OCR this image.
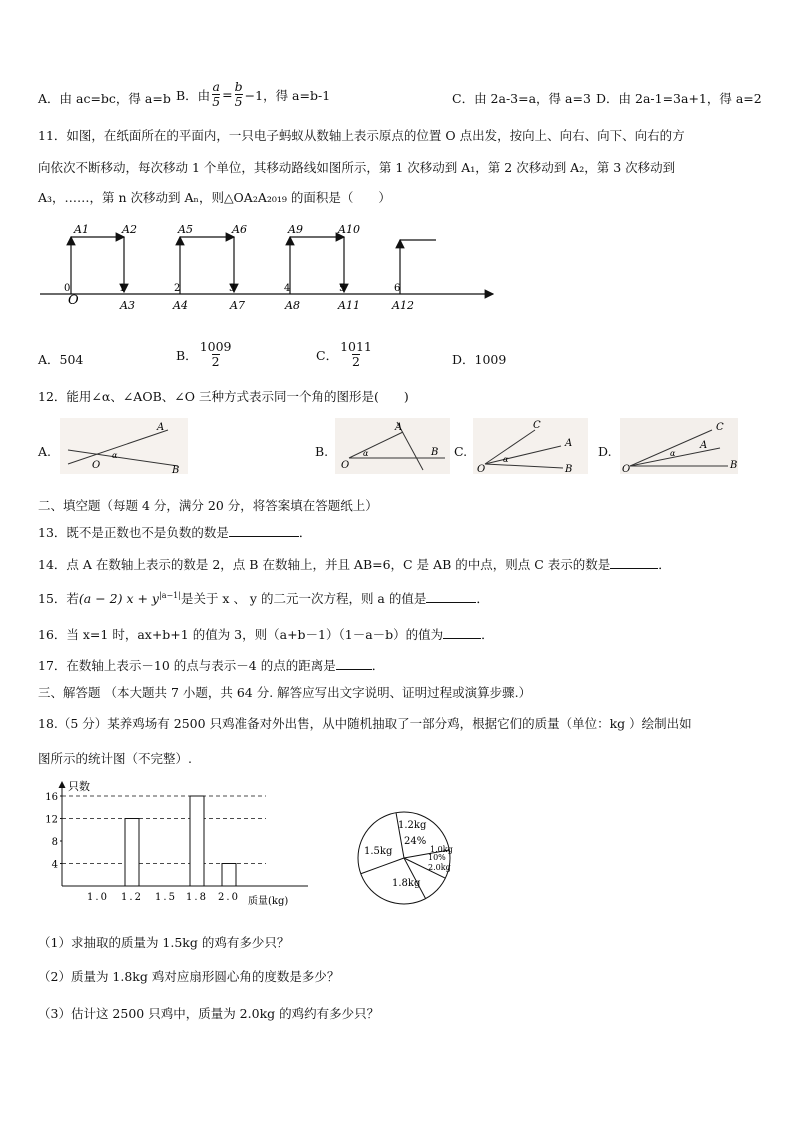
A．由 ac=bc，得 a=b B．由 $\frac{a}{5} = \frac{b}{5} -1$，得 a=b-1	C．由 2a-3=a，得 a=3 D．由 2a-1=3a+1，得 a=2
11．如图，在纸面所在的平面内，一只电子蚂蚁从数轴上表示原点的位置 O 点出发，按向上、向右、向下、向右的方
向依次不断移动，每次移动 1 个单位，其移动路线如图所示，第 1 次移动到 A₁，第 2 次移动到 A₂，第 3 次移动到
A₃，……，第 n 次移动到 Aₙ，则△OA₂A₂₀₁₉ 的面积是（　　）
A1	A2	A5	A6	A9	A10
A3	A4	A7	A8	A11	A12
O
0	1	2	3	4	5	6
A．504	B． $\frac{1009}{2}$	C． $\frac{1011}{2}$	D．1009
12．能用∠α、∠AOB、∠O 三种方式表示同一个角的图形是(　　)
A.
A
B
O
α	B.
A
B
O
α	C.
C
A
B
O
α
D.
C
A
B
O
α
二、填空题（每题 4 分，满分 20 分，将答案填在答题纸上）
13．既不是正数也不是负数的数是	．
14．点 A 在数轴上表示的数是 2，点 B 在数轴上，并且 AB=6，C 是 AB 的中点，则点 C 表示的数是	．
15．若(a − 2) $x + y^{|a-1|}$是关于 x 、 y 的二元一次方程，则 a 的值是	．
16．当 x=1 时，ax+b+1 的值为 3，则（a+b－1）（1－a－b）的值为	．
17．在数轴上表示－10 的点与表示－4 的点的距离是	．
三、解答题 （本大题共 7 小题，共 64 分. 解答应写出文字说明、证明过程或演算步骤.）
18.（5 分）某养鸡场有 2500 只鸡准备对外出售，从中随机抽取了一部分鸡，根据它们的质量（单位：kg ）绘制出如
图所示的统计图（不完整）.
只数
质量(kg)
4
8
12
16
1.0 1.2 1.5 1.8 2.0
1.2kg
1.5kg
1.8kg
2.0kg
1.0kg
24%
10%
（1）求抽取的质量为 1.5kg 的鸡有多少只？
（2）质量为 1.8kg 鸡对应扇形圆心角的度数是多少？
（3）估计这 2500 只鸡中，质量为 2.0kg 的鸡约有多少只？
